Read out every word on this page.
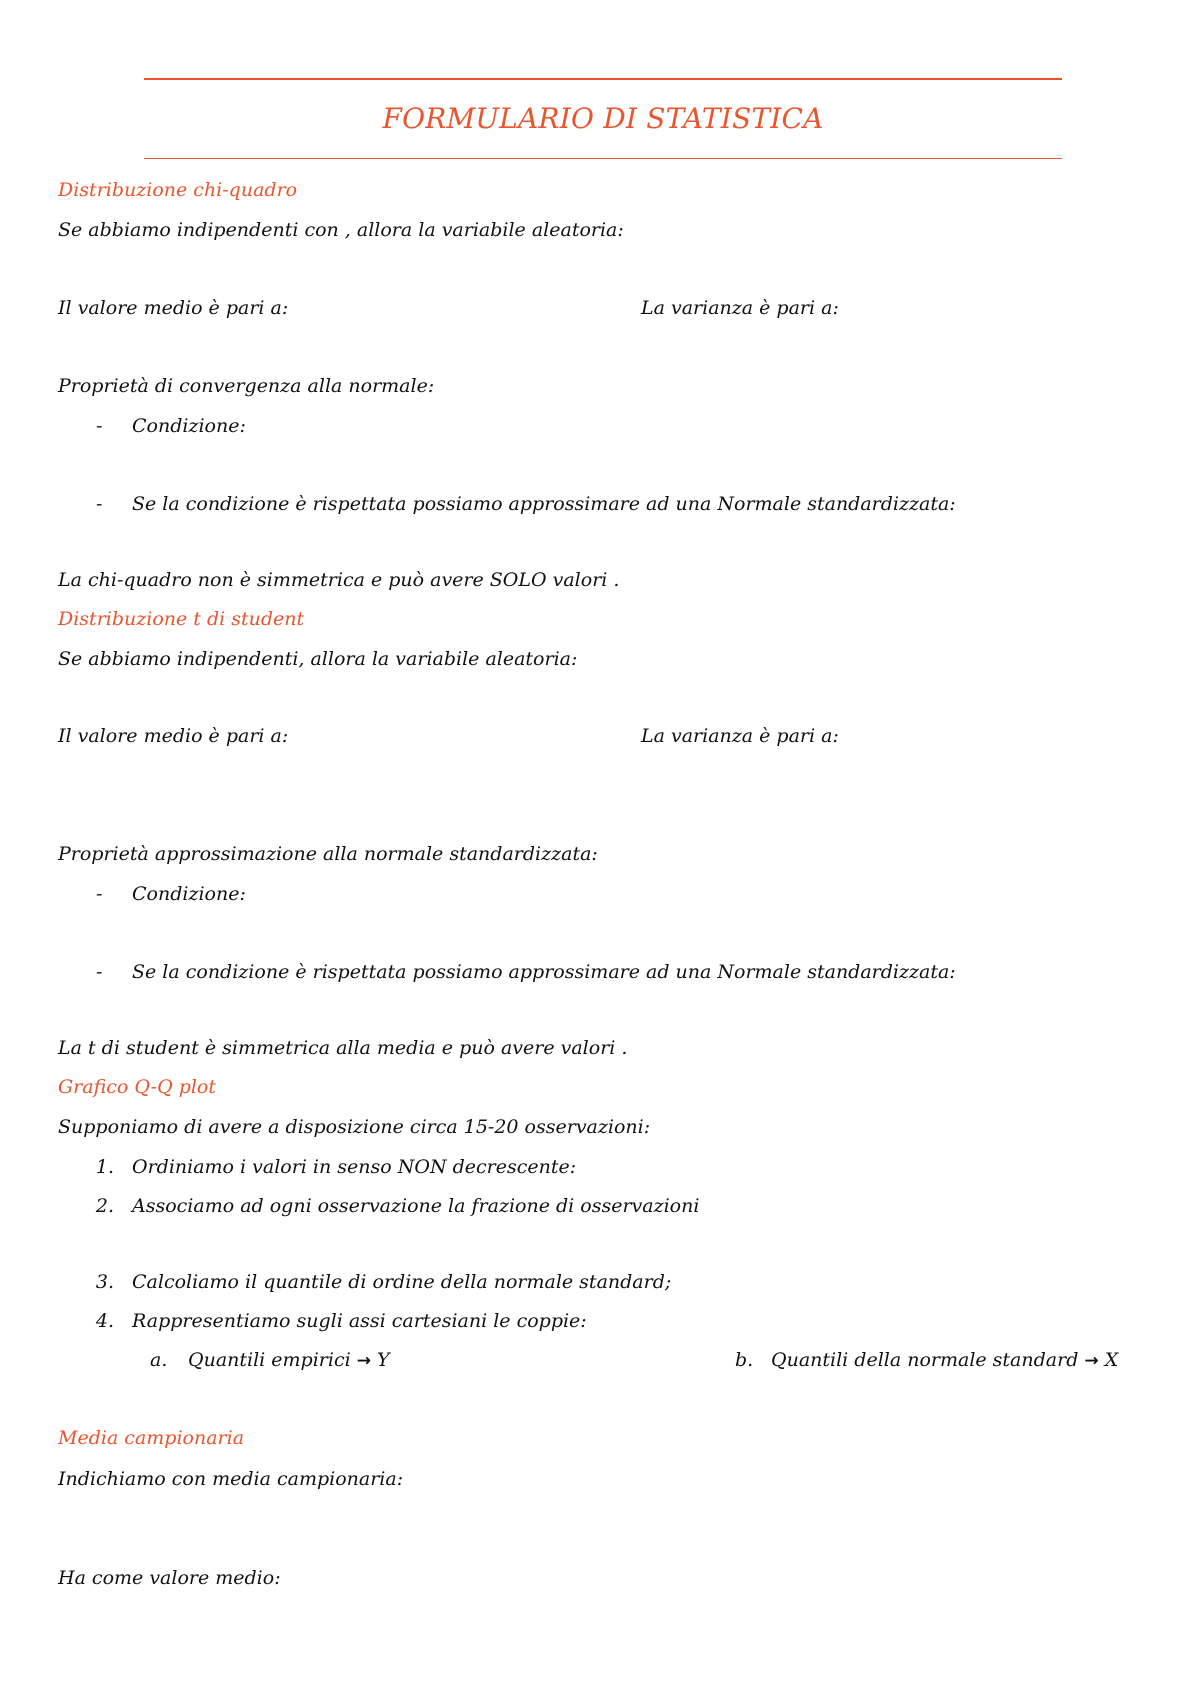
FORMULARIO DI STATISTICA
Distribuzione chi-quadro
Se abbiamo indipendenti con , allora la variabile aleatoria:
Il valore medio è pari a:	La varianza è pari a:
Proprietà di convergenza alla normale:
- Condizione:
- Se la condizione è rispettata possiamo approssimare ad una Normale standardizzata:
La chi-quadro non è simmetrica e può avere SOLO valori .
Distribuzione t di student
Se abbiamo indipendenti, allora la variabile aleatoria:
Il valore medio è pari a:	La varianza è pari a:
Proprietà approssimazione alla normale standardizzata:
- Condizione:
- Se la condizione è rispettata possiamo approssimare ad una Normale standardizzata:
La t di student è simmetrica alla media e può avere valori .
Grafico Q-Q plot
Supponiamo di avere a disposizione circa 15-20 osservazioni:
1. Ordiniamo i valori in senso NON decrescente:
2. Associamo ad ogni osservazione la frazione di osservazioni
3. Calcoliamo il quantile di ordine della normale standard;
4. Rappresentiamo sugli assi cartesiani le coppie:
a. Quantili empirici → Y	b. Quantili della normale standard → X
Media campionaria
Indichiamo con media campionaria:
Ha come valore medio:
